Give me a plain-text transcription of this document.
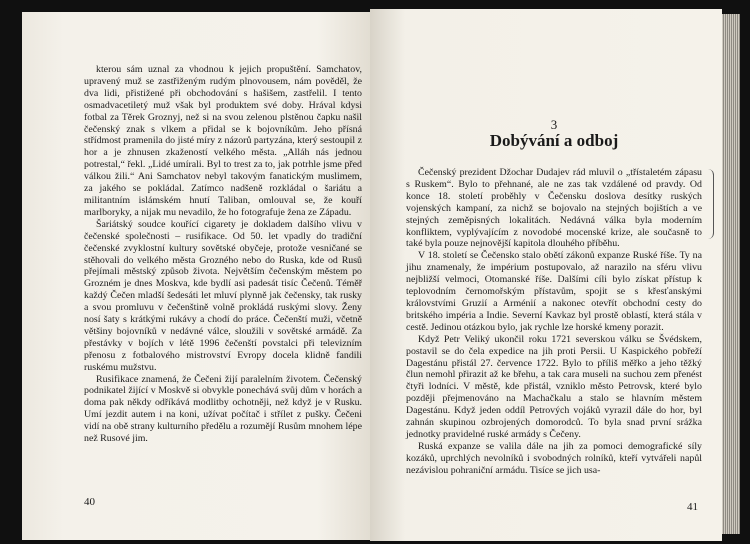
kterou sám uznal za vhodnou k jejich propuštění. Samchatov, upravený muž se zastřiženým rudým plnovousem, nám pověděl, že dva lidi, přistižené při obchodování s hašišem, zastřelil. I tento osmadvacetiletý muž však byl produktem své doby. Hrával kdysi fotbal za Těrek Groznyj, než si na svou zelenou plstěnou čapku našil čečenský znak s vlkem a přidal se k bojovníkům. Jeho přísná střídmost pramenila do jisté míry z názorů partyzána, který sestoupil z hor a je zhnusen zkažeností velkého města. „Alláh nás jednou potrestal,“ řekl. „Lidé umírali. Byl to trest za to, jak potrhle jsme před válkou žili.“ Ani Samchatov nebyl takovým fanatickým muslimem, za jakého se pokládal. Zatímco nadšeně rozkládal o šariátu a militantním islámském hnutí Taliban, omlouval se, že kouří marlboryky, a nijak mu nevadilo, že ho fotografuje žena ze Západu.

Šariátský soudce kouřící cigarety je dokladem dalšího vlivu v čečenské společnosti – rusifikace. Od 50. let vpadly do tradiční čečenské zvyklostní kultury sovětské obyčeje, protože vesničané se stěhovali do velkého města Grozného nebo do Ruska, kde od Rusů přejímali městský způsob života. Největším čečenským městem po Grozném je dnes Moskva, kde bydlí asi padesát tisíc Čečenů. Téměř každý Čečen mladší šedesáti let mluví plynně jak čečensky, tak rusky a svou promluvu v čečenštině volně prokládá ruskými slovy. Ženy nosí šaty s krátkými rukávy a chodí do práce. Čečenští muži, včetně většiny bojovníků v nedávné válce, sloužili v sovětské armádě. Za přestávky v bojích v létě 1996 čečenští povstalci při televizním přenosu z fotbalového mistrovství Evropy docela klidně fandili ruskému mužstvu.

Rusifikace znamená, že Čečeni žijí paralelním životem. Čečenský podnikatel žijící v Moskvě si obvykle ponechává svůj dům v horách a doma pak někdy odříkává modlitby ochotněji, než když je v Rusku. Umí jezdit autem i na koni, užívat počítač i střílet z pušky. Čečeni vidí na obě strany kulturního předělu a rozumějí Rusům mnohem lépe než Rusové jim.

40
3
Dobývání a odboj

Čečenský prezident Džochar Dudajev rád mluvil o „třístaletém zápasu s Ruskem“. Bylo to přehnané, ale ne zas tak vzdálené od pravdy. Od konce 18. století proběhly v Čečensku doslova desítky ruských vojenských kampaní, za nichž se bojovalo na stejných bojištích a ve stejných zeměpisných lokalitách. Nedávná válka byla moderním konfliktem, vyplývajícím z novodobé mocenské krize, ale současně to také byla pouze nejnovější kapitola dlouhého příběhu.

V 18. století se Čečensko stalo obětí zákonů expanze Ruské říše. Ty na jihu znamenaly, že impérium postupovalo, až narazilo na sféru vlivu nejbližší velmoci, Otomanské říše. Dalšími cíli bylo získat přístup k teplovodním černomořským přístavům, spojit se s křesťanskými královstvími Gruzií a Arménií a nakonec otevřít obchodní cesty do britského impéria a Indie. Severní Kavkaz byl prostě oblastí, která stála v cestě. Jedinou otázkou bylo, jak rychle lze horské kmeny porazit.

Když Petr Veliký ukončil roku 1721 severskou válku se Švédskem, postavil se do čela expedice na jih proti Persii. U Kaspického pobřeží Dagestánu přistál 27. července 1722. Bylo to příliš měřko a jeho těžký člun nemohl přirazit až ke břehu, a tak cara museli na suchou zem přenést čtyři lodníci. V městě, kde přistál, vzniklo město Petrovsk, které bylo později přejmenováno na Machačkalu a stalo se hlavním městem Dagestánu. Když jeden oddíl Petrových vojáků vyrazil dále do hor, byl zahnán skupinou ozbrojených domorodců. To byla snad první srážka jednotky pravidelné ruské armády s Čečeny.

Ruská expanze se valila dále na jih za pomoci demografické síly kozáků, uprchlých nevolníků i svobodných rolníků, kteří vytvářeli napůl nezávislou pohraniční armádu. Tisíce se jich usa-

41
